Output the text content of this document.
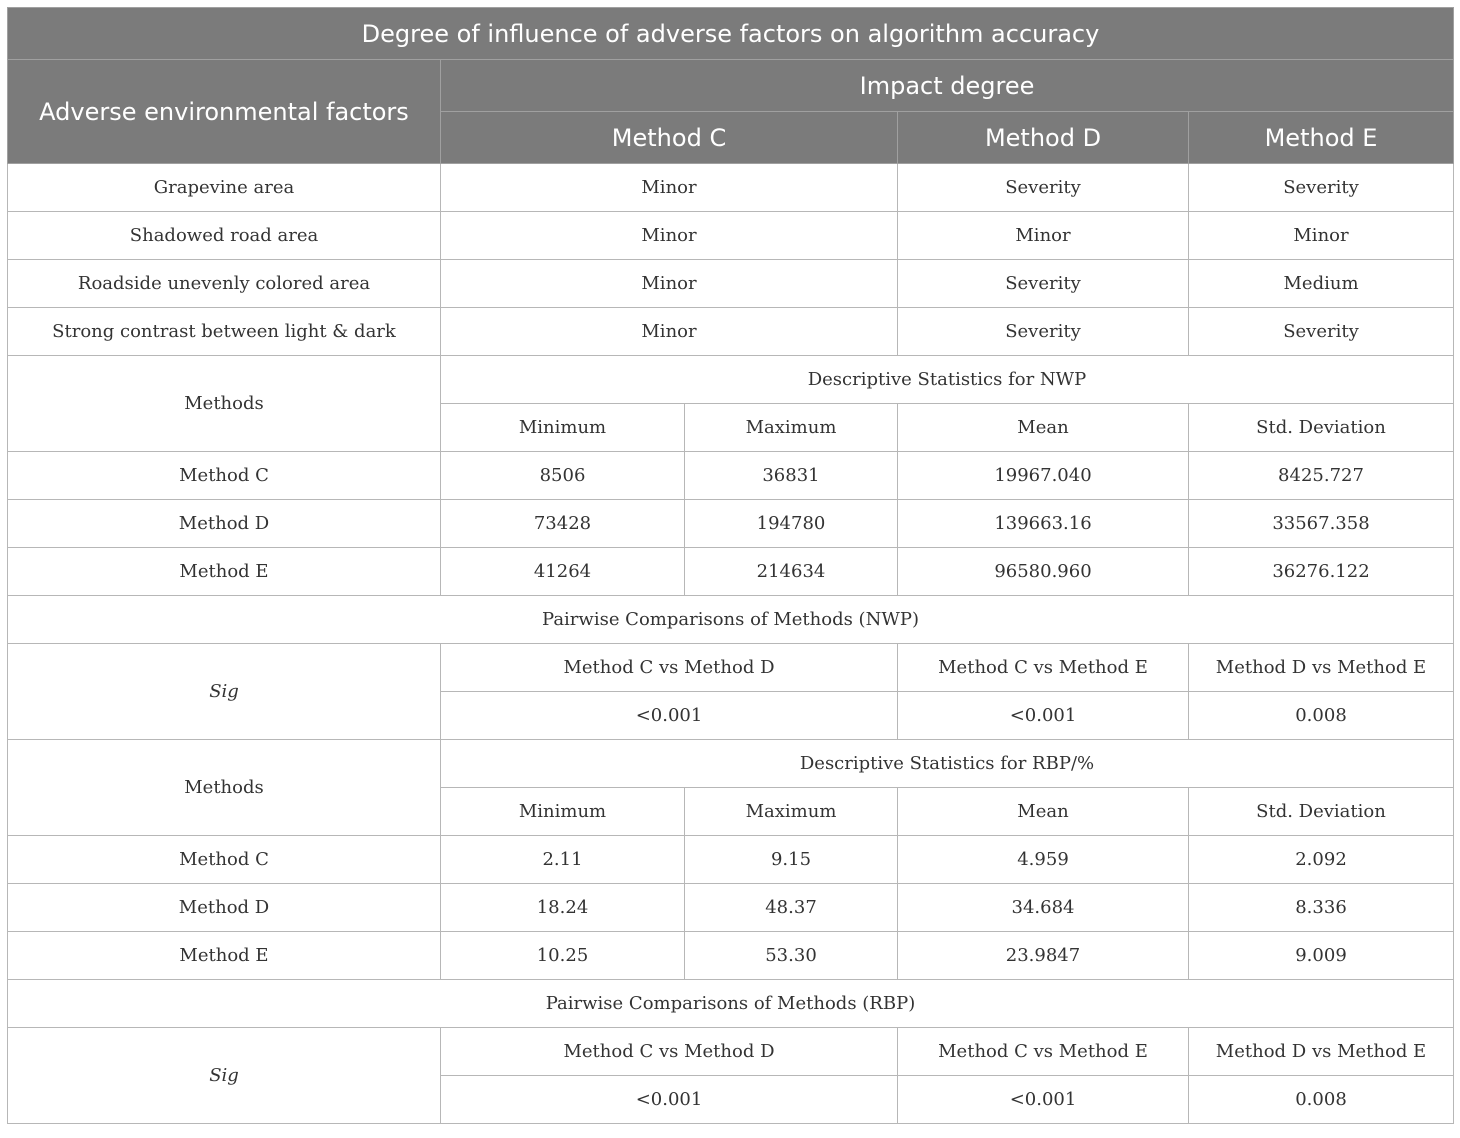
Degree of influence of adverse factors on algorithm accuracy				
Adverse environmental factors	Impact degree			
	Method C		Method D	Method E
Grapevine area	Minor		Severity	Severity
Shadowed road area	Minor		Minor	Minor
Roadside unevenly colored area	Minor		Severity	Medium
Strong contrast between light & dark	Minor		Severity	Severity
Methods	Descriptive Statistics for NWP			
	Minimum	Maximum	Mean	Std. Deviation
Method C	8506	36831	19967.040	8425.727
Method D	73428	194780	139663.16	33567.358
Method E	41264	214634	96580.960	36276.122
Pairwise Comparisons of Methods (NWP)				
Sig	Method C vs Method D		Method C vs Method E	Method D vs Method E
	<0.001		<0.001	0.008
Methods	Descriptive Statistics for RBP/%			
	Minimum	Maximum	Mean	Std. Deviation
Method C	2.11	9.15	4.959	2.092
Method D	18.24	48.37	34.684	8.336
Method E	10.25	53.30	23.9847	9.009
Pairwise Comparisons of Methods (RBP)				
Sig	Method C vs Method D		Method C vs Method E	Method D vs Method E
	<0.001		<0.001	0.008
